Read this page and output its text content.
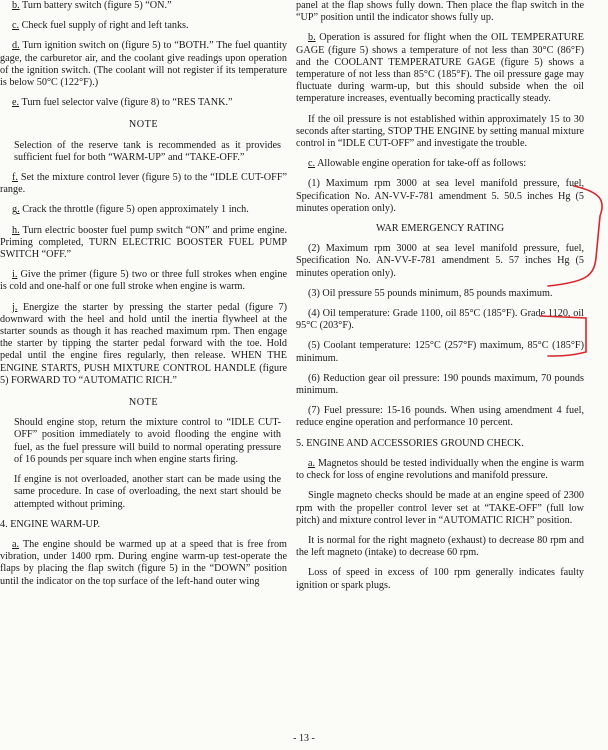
b. Turn battery switch (figure 5) “ON.”

c. Check fuel supply of right and left tanks.

d. Turn ignition switch on (figure 5) to “BOTH.” The fuel quantity gage, the carburetor air, and the coolant give readings upon operation of the ignition switch. (The coolant will not register if its temperature is below 50°C (122°F).)

e. Turn fuel selector valve (figure 8) to “RES TANK.”

NOTE

Selection of the reserve tank is recommended as it provides sufficient fuel for both “WARM-UP” and “TAKE-OFF.”

f. Set the mixture control lever (figure 5) to the “IDLE CUT-OFF” range.

g. Crack the throttle (figure 5) open approximately 1 inch.

h. Turn electric booster fuel pump switch “ON” and prime engine. Priming completed, TURN ELECTRIC BOOSTER FUEL PUMP SWITCH “OFF.”

i. Give the primer (figure 5) two or three full strokes when engine is cold and one-half or one full stroke when engine is warm.

j. Energize the starter by pressing the starter pedal (figure 7) downward with the heel and hold until the inertia flywheel at the starter sounds as though it has reached maximum rpm. Then engage the starter by tipping the starter pedal forward with the toe. Hold pedal until the engine fires regularly, then release. WHEN THE ENGINE STARTS, PUSH MIXTURE CONTROL HANDLE (figure 5) FORWARD TO “AUTOMATIC RICH.”

NOTE

Should engine stop, return the mixture control to “IDLE CUT-OFF” position immediately to avoid flooding the engine with fuel, as the fuel pressure will build to normal operating pressure of 16 pounds per square inch when engine starts firing.

If engine is not overloaded, another start can be made using the same procedure. In case of overloading, the next start should be attempted without priming.

4. ENGINE WARM-UP.

a. The engine should be warmed up at a speed that is free from vibration, under 1400 rpm. During engine warm-up test-operate the flaps by placing the flap switch (figure 5) in the “DOWN” position until the indicator on the top surface of the left-hand outer wing

panel at the flap shows fully down. Then place the flap switch in the “UP” position until the indicator shows fully up.

b. Operation is assured for flight when the OIL TEMPERATURE GAGE (figure 5) shows a temperature of not less than 30°C (86°F) and the COOLANT TEMPERATURE GAGE (figure 5) shows a temperature of not less than 85°C (185°F). The oil pressure gage may fluctuate during warm-up, but this should subside when the oil temperature increases, eventually becoming practically steady.

If the oil pressure is not established within approximately 15 to 30 seconds after starting, STOP THE ENGINE by setting manual mixture control in “IDLE CUT-OFF” and investigate the trouble.

c. Allowable engine operation for take-off as follows:

(1) Maximum rpm 3000 at sea level manifold pressure, fuel, Specification No. AN-VV-F-781 amendment 5. 50.5 inches Hg (5 minutes operation only).

WAR EMERGENCY RATING

(2) Maximum rpm 3000 at sea level manifold pressure, fuel, Specification No. AN-VV-F-781 amendment 5. 57 inches Hg (5 minutes operation only).

(3) Oil pressure 55 pounds minimum, 85 pounds maximum.

(4) Oil temperature: Grade 1100, oil 85°C (185°F). Grade 1120, oil 95°C (203°F).

(5) Coolant temperature: 125°C (257°F) maximum, 85°C (185°F) minimum.

(6) Reduction gear oil pressure: 190 pounds maximum, 70 pounds minimum.

(7) Fuel pressure: 15-16 pounds. When using amendment 4 fuel, reduce engine operation and performance 10 percent.

5. ENGINE AND ACCESSORIES GROUND CHECK.

a. Magnetos should be tested individually when the engine is warm to check for loss of engine revolutions and manifold pressure.

Single magneto checks should be made at an engine speed of 2300 rpm with the propeller control lever set at “TAKE-OFF” (full low pitch) and mixture control lever in “AUTOMATIC RICH” position.

It is normal for the right magneto (exhaust) to decrease 80 rpm and the left magneto (intake) to decrease 60 rpm.

Loss of speed in excess of 100 rpm generally indicates faulty ignition or spark plugs.

- 13 -
